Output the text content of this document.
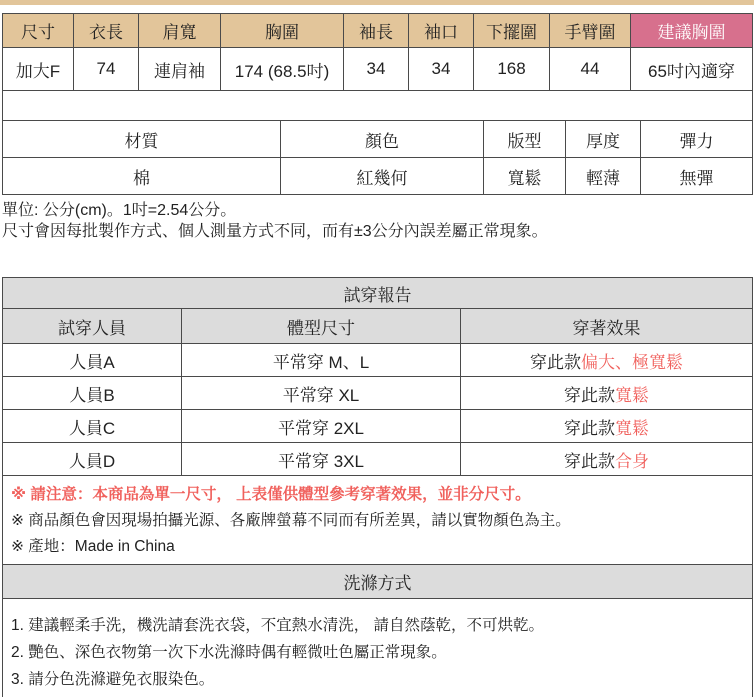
尺寸	衣長	肩寬	胸圍	袖長	袖口	下擺圍	手臂圍	建議胸圍
加大F	74	連肩袖	174 (68.5吋)	34	34	168	44	65吋內適穿

材質	顏色	版型	厚度	彈力
棉	紅幾何	寬鬆	輕薄	無彈
單位: 公分(cm)。1吋=2.54公分。
尺寸會因每批製作方式、個人測量方式不同，而有±3公分內誤差屬正常現象。
試穿報告		
試穿人員	體型尺寸	穿著效果
人員A	平常穿 M、L	穿此款偏大、極寬鬆
人員B	平常穿 XL	穿此款寬鬆
人員C	平常穿 2XL	穿此款寬鬆
人員D	平常穿 3XL	穿此款合身

※ 請注意：本商品為單一尺寸， 上表僅供體型參考穿著效果，並非分尺寸。
※ 商品顏色會因現場拍攝光源、各廠牌螢幕不同而有所差異，請以實物顏色為主。
※ 產地：Made in China		

洗滌方式		

1. 建議輕柔手洗，機洗請套洗衣袋，不宜熱水清洗， 請自然蔭乾，不可烘乾。
2. 艷色、深色衣物第一次下水洗滌時偶有輕微吐色屬正常現象。
3. 請分色洗滌避免衣服染色。		
